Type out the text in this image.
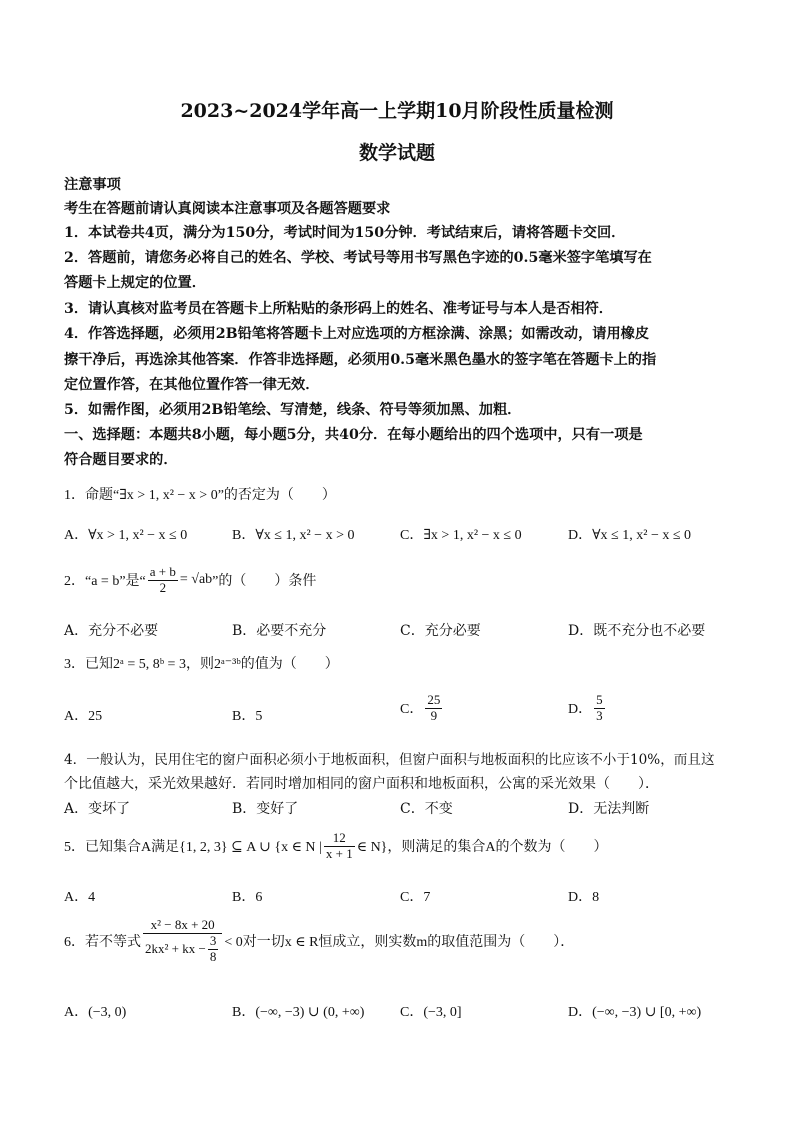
2023~2024学年高一上学期10月阶段性质量检测
数学试题
注意事项
考生在答题前请认真阅读本注意事项及各题答题要求
1．本试卷共4页，满分为150分，考试时间为150分钟．考试结束后，请将答题卡交回．
2．答题前，请您务必将自己的姓名、学校、考试号等用书写黑色字迹的0.5毫米签字笔填写在
答题卡上规定的位置．
3．请认真核对监考员在答题卡上所粘贴的条形码上的姓名、准考证号与本人是否相符．
4．作答选择题，必须用2B铅笔将答题卡上对应选项的方框涂满、涂黑；如需改动，请用橡皮
擦干净后，再选涂其他答案．作答非选择题，必须用0.5毫米黑色墨水的签字笔在答题卡上的指
定位置作答，在其他位置作答一律无效．
5．如需作图，必须用2B铅笔绘、写清楚，线条、符号等须加黑、加粗．
一、选择题：本题共8小题，每小题5分，共40分．在每小题给出的四个选项中，只有一项是
符合题目要求的．
1．命题“∃x > 1, x² − x > 0”的否定为（　　）
A．∀x > 1, x² − x ≤ 0	B．∀x ≤ 1, x² − x > 0	C．∃x > 1, x² − x ≤ 0	D．∀x ≤ 1, x² − x ≤ 0
2．“a = b”是“ $\frac{a + b}{2} = √ab$ ”的（　　）条件
A．充分不必要	B．必要不充分	C．充分必要	D．既不充分也不必要
3．已知2ᵃ = 5, 8ᵇ = 3，则2ᵃ⁻³ᵇ的值为（　　）
A．25	B．5	C． $\frac{25}{9}$	D． $\frac{5}{3}$
4．一般认为，民用住宅的窗户面积必须小于地板面积，但窗户面积与地板面积的比应该不小于10%，而且这
个比值越大，采光效果越好．若同时增加相同的窗户面积和地板面积，公寓的采光效果（　　）．
A．变坏了	B．变好了	C．不变	D．无法判断
5．已知集合A满足{1, 2, 3} ⊆ A ∪ {x ∈ N | $\frac{12}{x + 1}$ ∈ N}，则满足的集合A的个数为（　　）
A．4	B．6	C．7	D．8
6．若不等式 $\frac{\text{x² − 8x + 20}}{2kx^2 + kx - \frac{3}{8}} < 0$对一切x ∈ R恒成立，则实数m的取值范围为（　　）．
A．(−3, 0)	B．(−∞, −3) ∪ (0, +∞)	C．(−3, 0]	D．(−∞, −3) ∪ [0, +∞)
